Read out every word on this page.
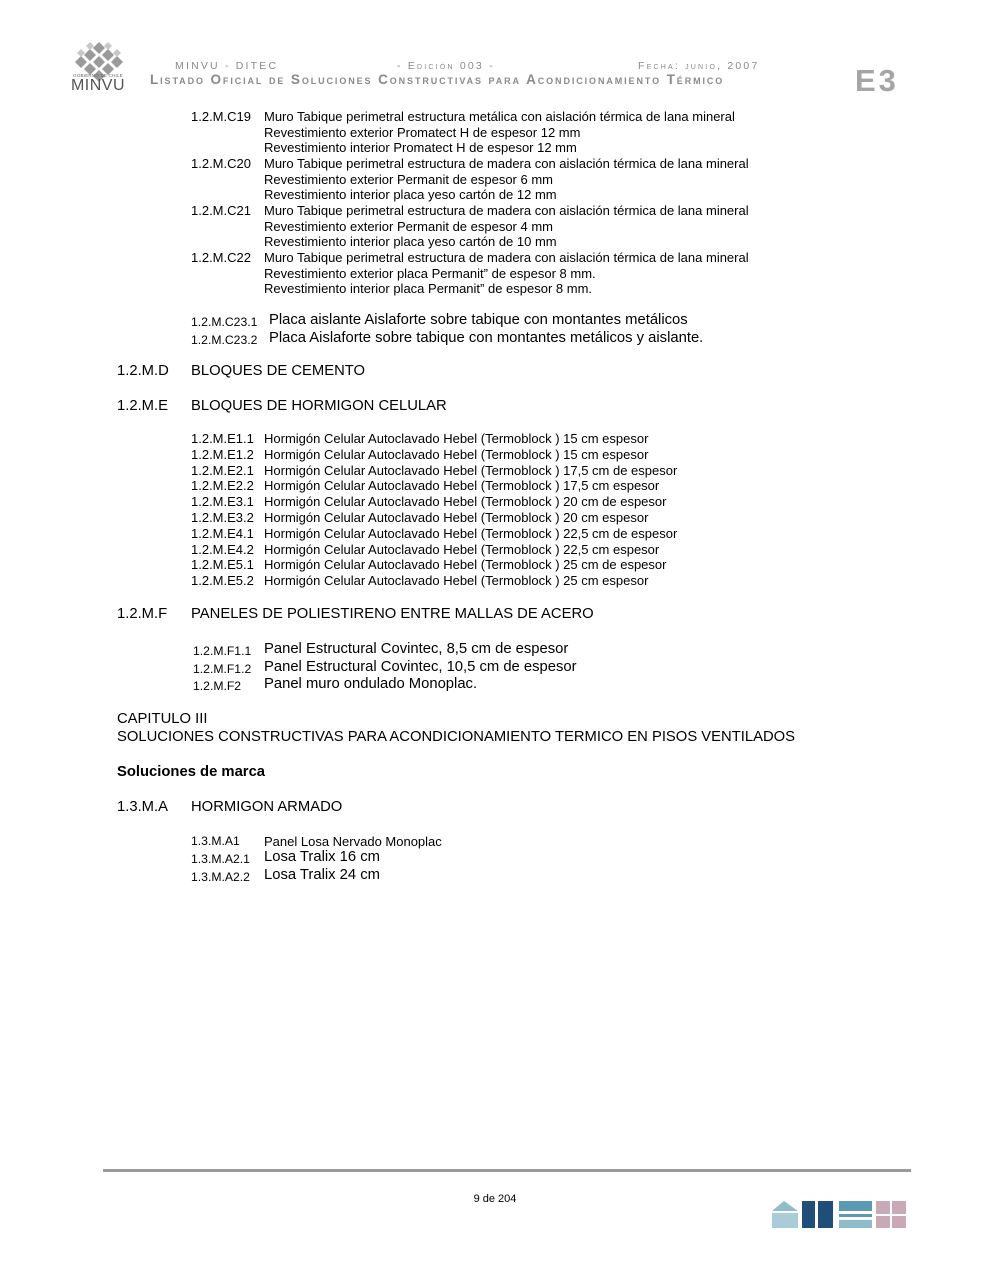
GOBIERNO DE CHILE
MINVU
MINVU - DITEC	- Edición 003 -	Fecha: junio, 2007
Listado Oficial de Soluciones Constructivas para Acondicionamiento Térmico	E3
1.2.M.C19 Muro Tabique perimetral estructura metálica con aislación térmica de lana mineral
Revestimiento exterior Promatect H de espesor 12 mm
Revestimiento interior Promatect H de espesor 12 mm
1.2.M.C20 Muro Tabique perimetral estructura de madera con aislación térmica de lana mineral
Revestimiento exterior Permanit de espesor 6 mm
Revestimiento interior placa yeso cartón de 12 mm
1.2.M.C21 Muro Tabique perimetral estructura de madera con aislación térmica de lana mineral
Revestimiento exterior Permanit de espesor 4 mm
Revestimiento interior placa yeso cartón de 10 mm
1.2.M.C22 Muro Tabique perimetral estructura de madera con aislación térmica de lana mineral
Revestimiento exterior placa Permanit” de espesor 8 mm.
Revestimiento interior placa Permanit” de espesor 8 mm.
1.2.M.C23.1 Placa aislante Aislaforte sobre tabique con montantes metálicos
1.2.M.C23.2 Placa Aislaforte sobre tabique con montantes metálicos y aislante.
1.2.M.D BLOQUES DE CEMENTO
1.2.M.E BLOQUES DE HORMIGON CELULAR
1.2.M.E1.1 Hormigón Celular Autoclavado Hebel (Termoblock ) 15 cm espesor
1.2.M.E1.2 Hormigón Celular Autoclavado Hebel (Termoblock ) 15 cm espesor
1.2.M.E2.1 Hormigón Celular Autoclavado Hebel (Termoblock ) 17,5 cm de espesor
1.2.M.E2.2 Hormigón Celular Autoclavado Hebel (Termoblock ) 17,5 cm espesor
1.2.M.E3.1 Hormigón Celular Autoclavado Hebel (Termoblock ) 20 cm de espesor
1.2.M.E3.2 Hormigón Celular Autoclavado Hebel (Termoblock ) 20 cm espesor
1.2.M.E4.1 Hormigón Celular Autoclavado Hebel (Termoblock ) 22,5 cm de espesor
1.2.M.E4.2 Hormigón Celular Autoclavado Hebel (Termoblock ) 22,5 cm espesor
1.2.M.E5.1 Hormigón Celular Autoclavado Hebel (Termoblock ) 25 cm de espesor
1.2.M.E5.2 Hormigón Celular Autoclavado Hebel (Termoblock ) 25 cm espesor
1.2.M.F PANELES DE POLIESTIRENO ENTRE MALLAS DE ACERO
1.2.M.F1.1 Panel Estructural Covintec, 8,5 cm de espesor
1.2.M.F1.2 Panel Estructural Covintec, 10,5 cm de espesor
1.2.M.F2 Panel muro ondulado Monoplac.
CAPITULO III
SOLUCIONES CONSTRUCTIVAS PARA ACONDICIONAMIENTO TERMICO EN PISOS VENTILADOS
Soluciones de marca
1.3.M.A HORMIGON ARMADO
1.3.M.A1 Panel Losa Nervado Monoplac
1.3.M.A2.1 Losa Tralix 16 cm
1.3.M.A2.2 Losa Tralix 24 cm
9 de 204
